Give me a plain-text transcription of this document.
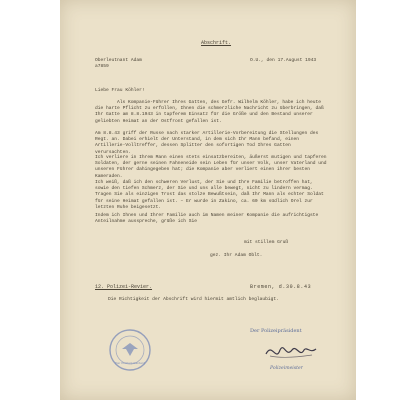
Abschrift.
Oberleutnant Adam
a7859
O.U., den 17.August 1943
Liebe Frau Köhler!
Als Kompanie-Führer Ihres Gatten, des Gefr. Wilhelm Köhler, habe ich heute die harte Pflicht zu erfüllen, Ihnen die schmerzliche Nachricht zu überbringen, daß Ihr Gatte am 8.8.1943 in tapferem Einsatz für die Größe und den Bestand unserer geliebten Heimat an der Ostfront gefallen ist.
Am 8.8.43 griff der Russe nach starker Artillerie-Vorbereitung die Stellungen des Regt. an. Dabei erhielt der Unterstand, in dem sich Ihr Mann befand, einen Artillerie-Volltreffer, dessen Splitter den sofortigen Tod Ihres Gatten verursachten.
Ich verliere in Ihrem Mann einen stets einsatzbereiten, äußerst mutigen und tapferen Soldaten, der gerne seinen Fahneneide sein Leben für unser Volk, unser Vaterland und unseren Führer dahingegeben hat; die Kompanie aber verliert einen ihrer besten Kameraden.
Ich weiß, daß ich den schweren Verlust, der Sie und Ihre Familie betroffen hat, sowie den tiefen Schmerz, der Sie und uns alle bewegt, nicht zu lindern vermag. Tragen Sie als einzigen Trost das stolze Bewußtsein, daß Ihr Mann als echter Soldat für seine Heimat gefallen ist. – Er wurde in Zakino, ca. 60 km südlich Orel zur letzten Ruhe beigesetzt.
Indem ich Ihnen und Ihrer Familie auch im Namen meiner Kompanie die aufrichtigste Anteilnahme ausspreche, grüße ich Sie
mit stillem Gruß
gez. Ihr Adam Oblt.
12. Polizei-Revier.	Bremen, d.30.8.43
Die Richtigkeit der Abschrift wird hiermit amtlich beglaubigt.
Der Polizeipräsident
Der Polizeipräsident
Polizeimeister
